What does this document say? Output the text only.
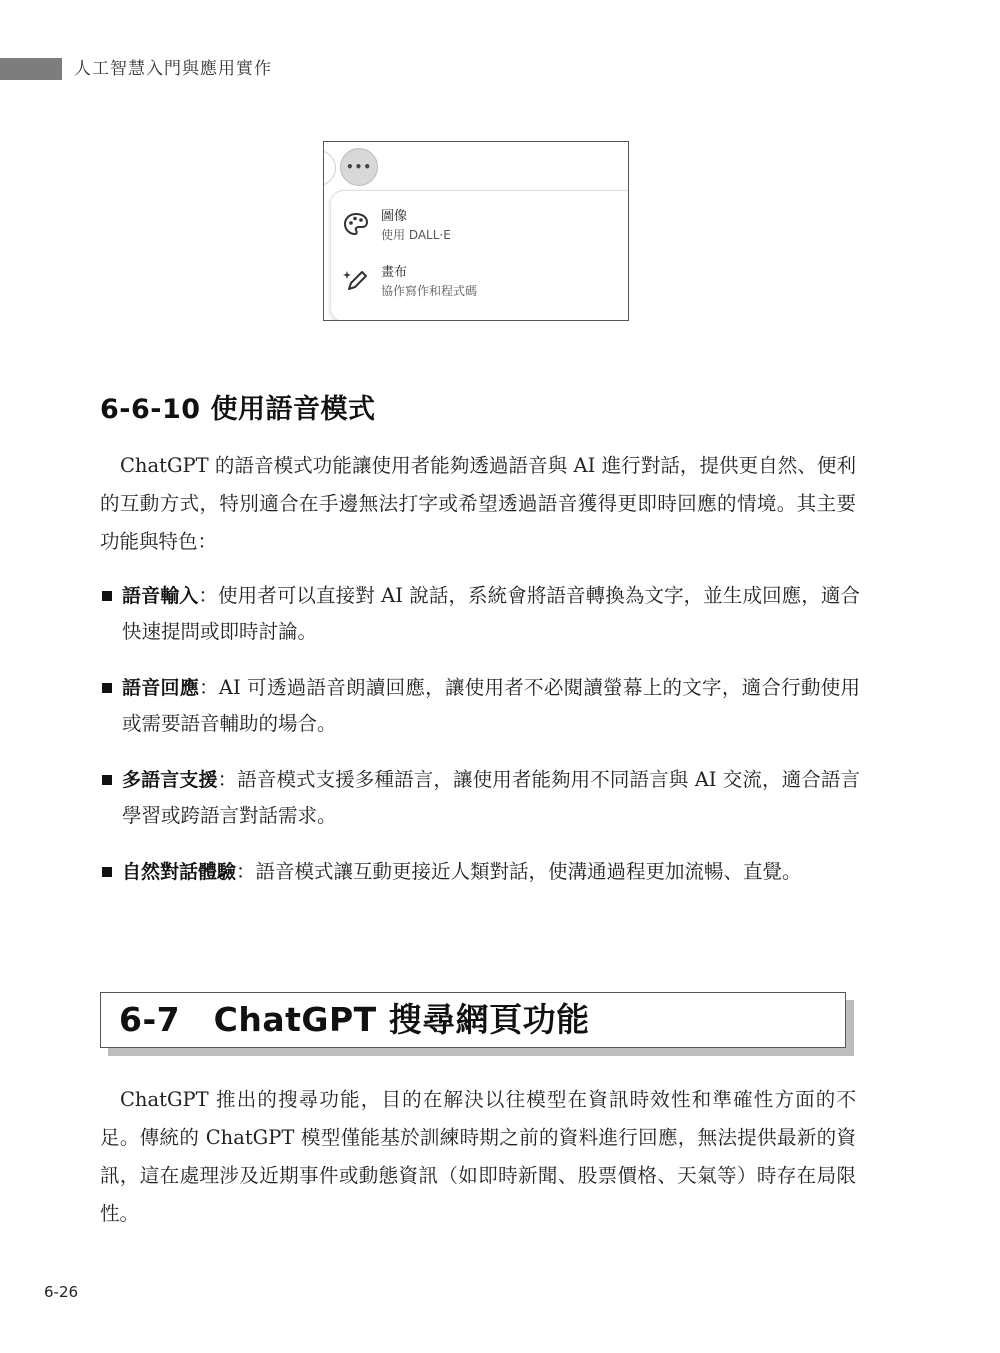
人工智慧入門與應用實作
•••
圖像
使用 DALL·E
畫布
協作寫作和程式碼
6-6-10 使用語音模式

ChatGPT 的語音模式功能讓使用者能夠透過語音與 AI 進行對話，提供更自然、便利的互動方式，特別適合在手邊無法打字或希望透過語音獲得更即時回應的情境。其主要功能與特色：

語音輸入：使用者可以直接對 AI 說話，系統會將語音轉換為文字，並生成回應，適合快速提問或即時討論。
語音回應：AI 可透過語音朗讀回應，讓使用者不必閱讀螢幕上的文字，適合行動使用或需要語音輔助的場合。
多語言支援：語音模式支援多種語言，讓使用者能夠用不同語言與 AI 交流，適合語言學習或跨語言對話需求。
自然對話體驗：語音模式讓互動更接近人類對話，使溝通過程更加流暢、直覺。
6-7　ChatGPT 搜尋網頁功能

ChatGPT 推出的搜尋功能，目的在解決以往模型在資訊時效性和準確性方面的不足。傳統的 ChatGPT 模型僅能基於訓練時期之前的資料進行回應，無法提供最新的資訊，這在處理涉及近期事件或動態資訊（如即時新聞、股票價格、天氣等）時存在局限性。

6-26
